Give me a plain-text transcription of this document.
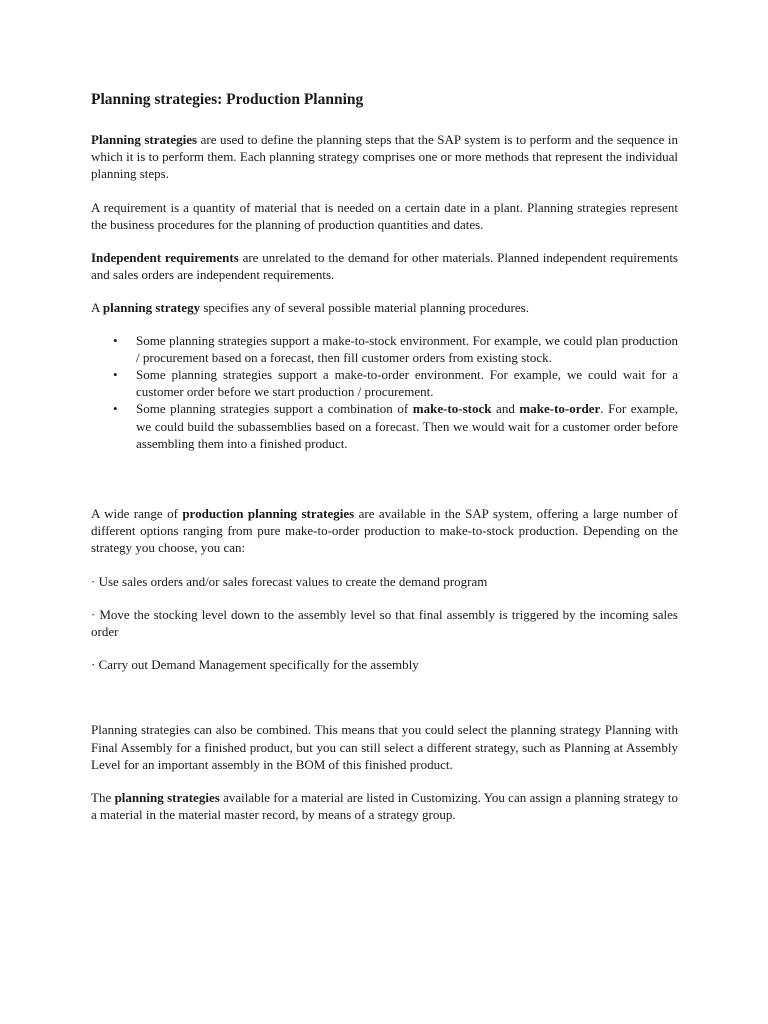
Planning strategies: Production Planning

Planning strategies are used to define the planning steps that the SAP system is to perform and the sequence in which it is to perform them. Each planning strategy comprises one or more methods that represent the individual planning steps.

A requirement is a quantity of material that is needed on a certain date in a plant. Planning strategies represent the business procedures for the planning of production quantities and dates.

Independent requirements are unrelated to the demand for other materials. Planned independent requirements and sales orders are independent requirements.

A planning strategy specifies any of several possible material planning procedures.

• Some planning strategies support a make-to-stock environment. For example, we could plan production / procurement based on a forecast, then fill customer orders from existing stock.
• Some planning strategies support a make-to-order environment. For example, we could wait for a customer order before we start production / procurement.
• Some planning strategies support a combination of make-to-stock and make-to-order. For example, we could build the subassemblies based on a forecast. Then we would wait for a customer order before assembling them into a finished product.

A wide range of production planning strategies are available in the SAP system, offering a large number of different options ranging from pure make-to-order production to make-to-stock production. Depending on the strategy you choose, you can:

· Use sales orders and/or sales forecast values to create the demand program

· Move the stocking level down to the assembly level so that final assembly is triggered by the incoming sales order

· Carry out Demand Management specifically for the assembly

Planning strategies can also be combined. This means that you could select the planning strategy Planning with Final Assembly for a finished product, but you can still select a different strategy, such as Planning at Assembly Level for an important assembly in the BOM of this finished product.

The planning strategies available for a material are listed in Customizing. You can assign a planning strategy to a material in the material master record, by means of a strategy group.
